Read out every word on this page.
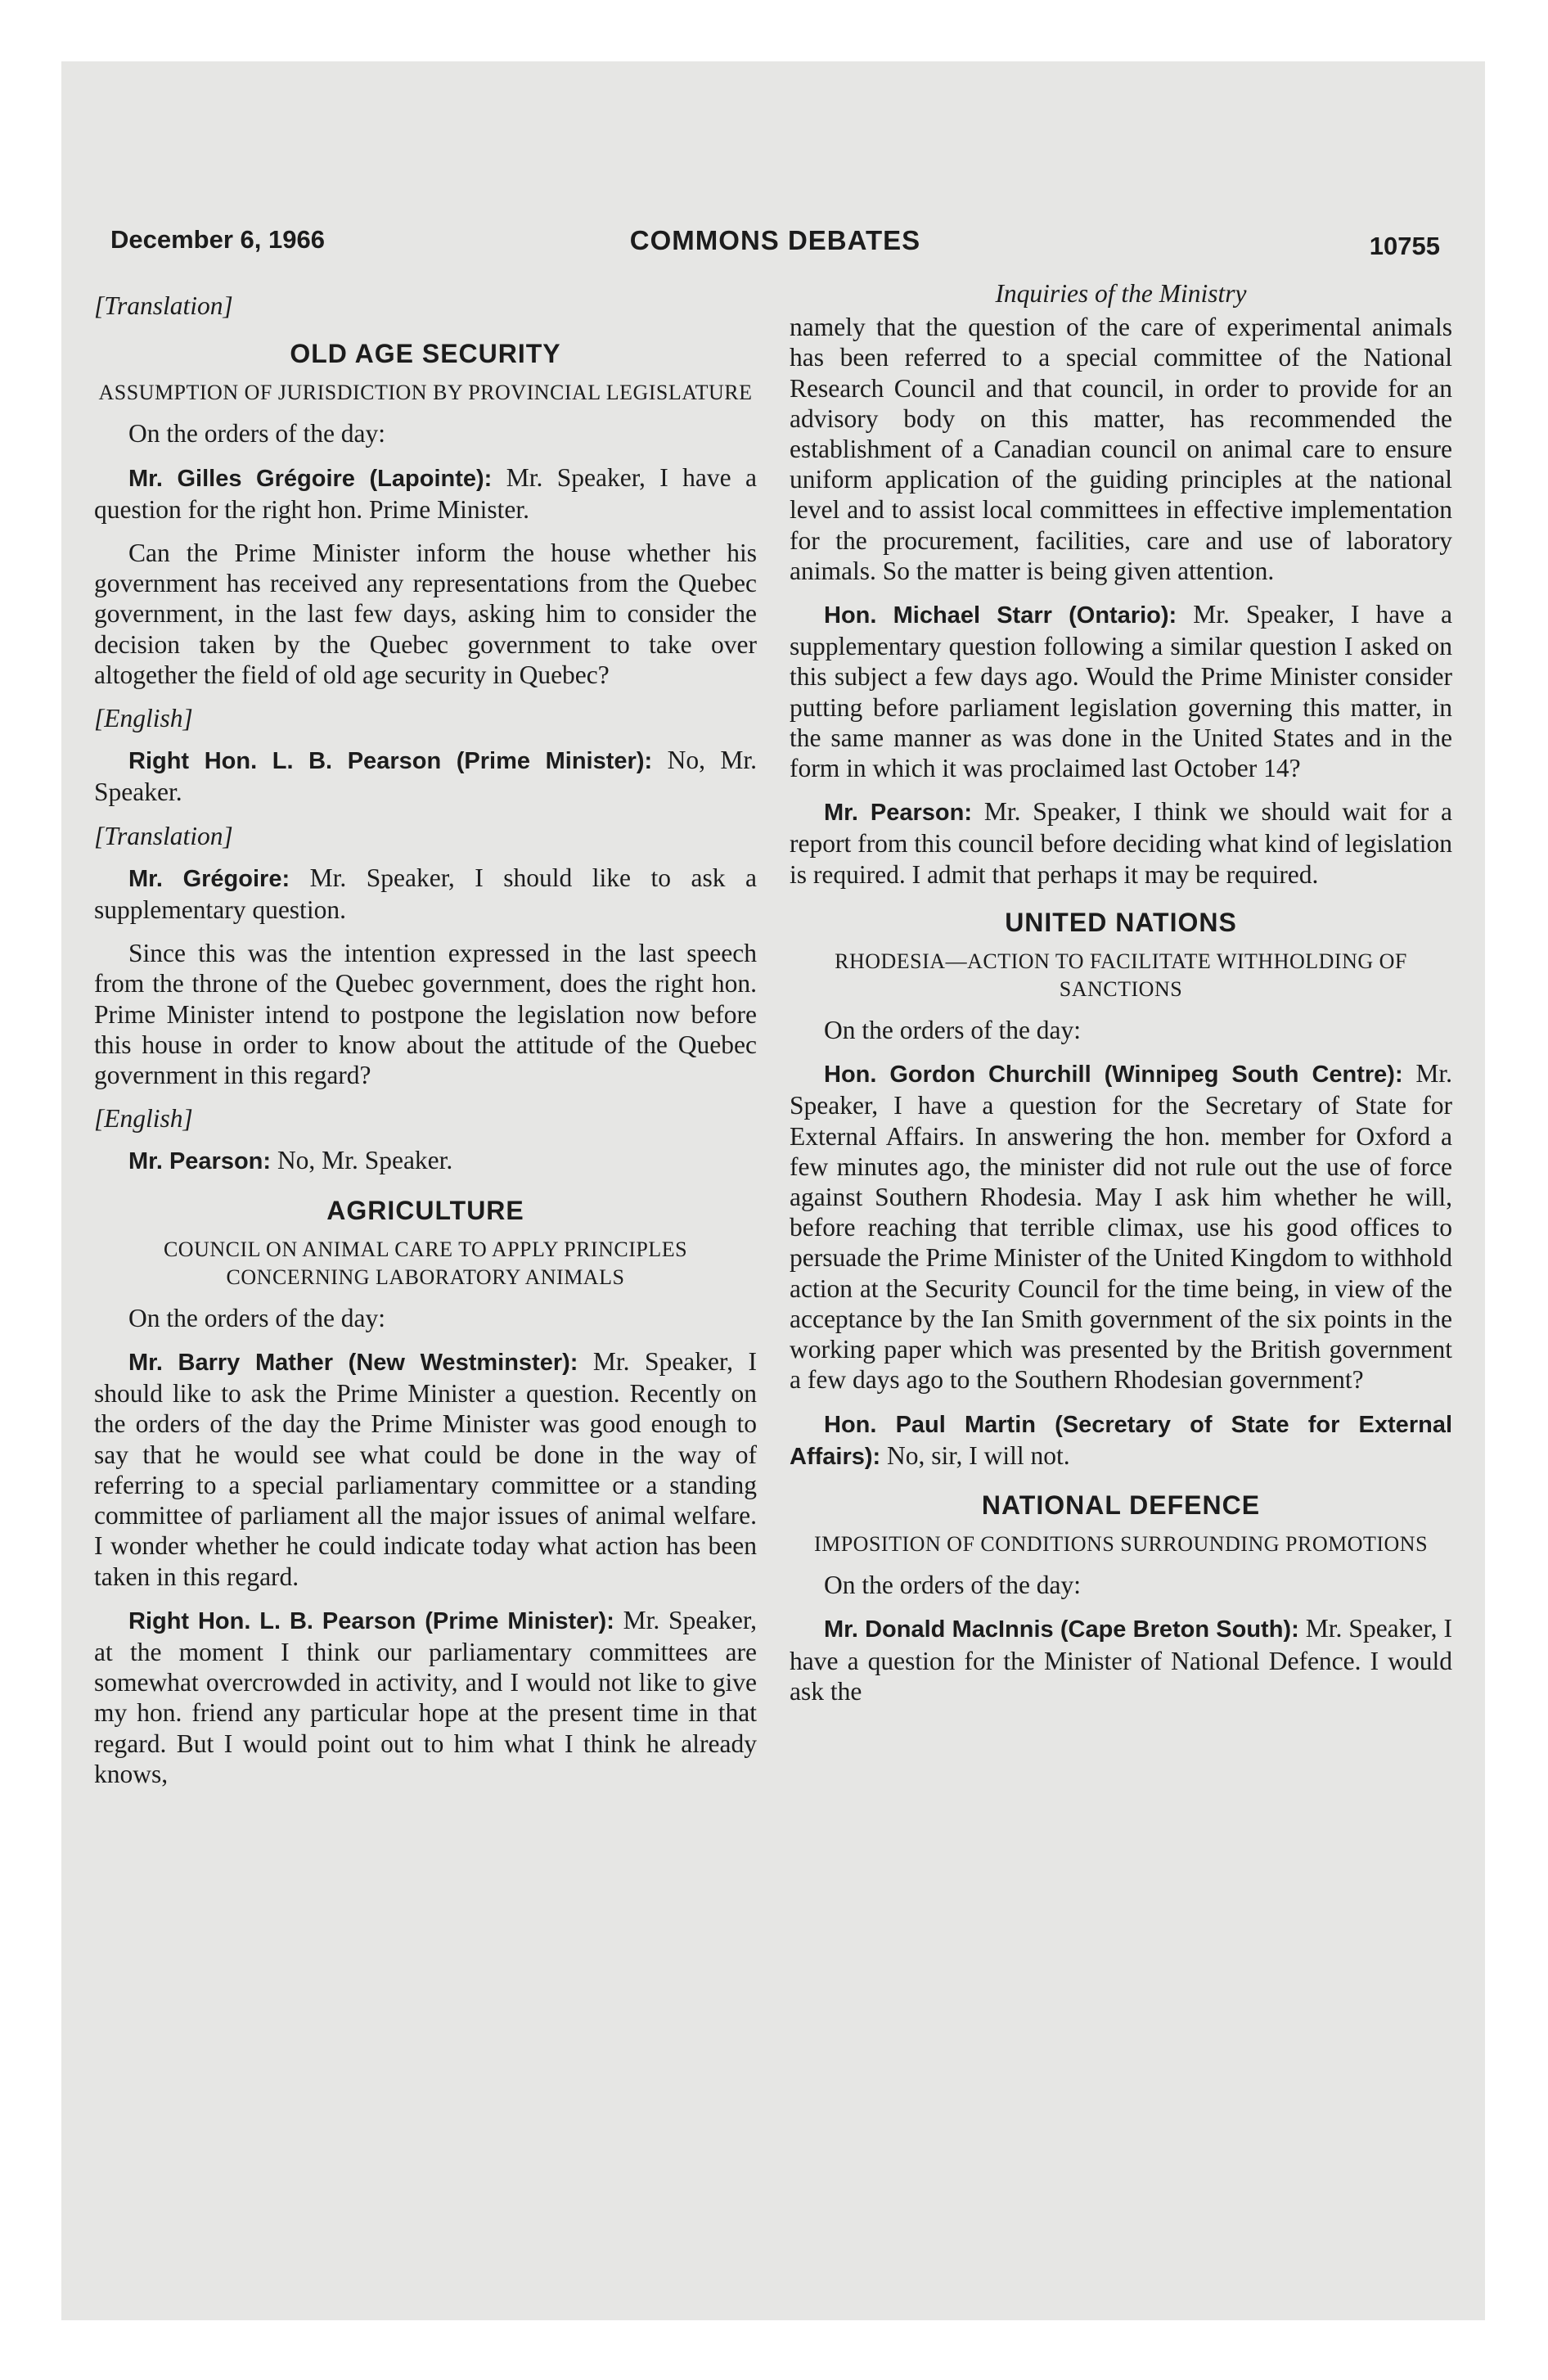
December 6, 1966	COMMONS DEBATES	10755
[Translation]
OLD AGE SECURITY
ASSUMPTION OF JURISDICTION BY PROVINCIAL LEGISLATURE

On the orders of the day:

Mr. Gilles Grégoire (Lapointe): Mr. Speaker, I have a question for the right hon. Prime Minister.

Can the Prime Minister inform the house whether his government has received any representations from the Quebec government, in the last few days, asking him to consider the decision taken by the Quebec government to take over altogether the field of old age security in Quebec?

[English]

Right Hon. L. B. Pearson (Prime Minister): No, Mr. Speaker.

[Translation]

Mr. Grégoire: Mr. Speaker, I should like to ask a supplementary question.

Since this was the intention expressed in the last speech from the throne of the Quebec government, does the right hon. Prime Minister intend to postpone the legislation now before this house in order to know about the attitude of the Quebec government in this regard?

[English]

Mr. Pearson: No, Mr. Speaker.

AGRICULTURE
COUNCIL ON ANIMAL CARE TO APPLY PRINCIPLES CONCERNING LABORATORY ANIMALS

On the orders of the day:

Mr. Barry Mather (New Westminster): Mr. Speaker, I should like to ask the Prime Minister a question. Recently on the orders of the day the Prime Minister was good enough to say that he would see what could be done in the way of referring to a special parliamentary committee or a standing committee of parliament all the major issues of animal welfare. I wonder whether he could indicate today what action has been taken in this regard.

Right Hon. L. B. Pearson (Prime Minister): Mr. Speaker, at the moment I think our parliamentary committees are somewhat overcrowded in activity, and I would not like to give my hon. friend any particular hope at the present time in that regard. But I would point out to him what I think he already knows,

Inquiries of the Ministry

namely that the question of the care of experimental animals has been referred to a special committee of the National Research Council and that council, in order to provide for an advisory body on this matter, has recommended the establishment of a Canadian council on animal care to ensure uniform application of the guiding principles at the national level and to assist local committees in effective implementation for the procurement, facilities, care and use of laboratory animals. So the matter is being given attention.

Hon. Michael Starr (Ontario): Mr. Speaker, I have a supplementary question following a similar question I asked on this subject a few days ago. Would the Prime Minister consider putting before parliament legislation governing this matter, in the same manner as was done in the United States and in the form in which it was proclaimed last October 14?

Mr. Pearson: Mr. Speaker, I think we should wait for a report from this council before deciding what kind of legislation is required. I admit that perhaps it may be required.

UNITED NATIONS
RHODESIA—ACTION TO FACILITATE WITHHOLDING OF SANCTIONS

On the orders of the day:

Hon. Gordon Churchill (Winnipeg South Centre): Mr. Speaker, I have a question for the Secretary of State for External Affairs. In answering the hon. member for Oxford a few minutes ago, the minister did not rule out the use of force against Southern Rhodesia. May I ask him whether he will, before reaching that terrible climax, use his good offices to persuade the Prime Minister of the United Kingdom to withhold action at the Security Council for the time being, in view of the acceptance by the Ian Smith government of the six points in the working paper which was presented by the British government a few days ago to the Southern Rhodesian government?

Hon. Paul Martin (Secretary of State for External Affairs): No, sir, I will not.

NATIONAL DEFENCE
IMPOSITION OF CONDITIONS SURROUNDING PROMOTIONS

On the orders of the day:

Mr. Donald MacInnis (Cape Breton South): Mr. Speaker, I have a question for the Minister of National Defence. I would ask the
